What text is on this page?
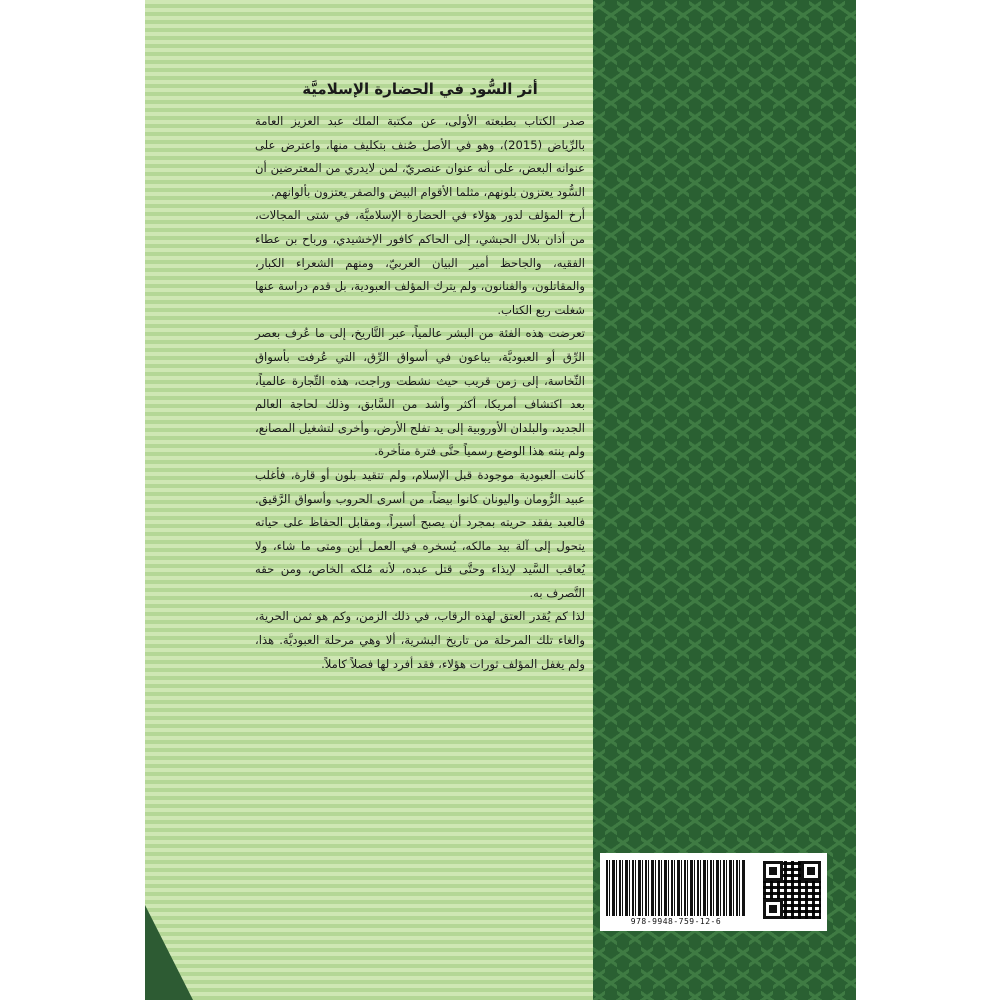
أثر السُّود في الحضارة الإسلاميَّة

صدر الكتاب بطبعته الأولى، عن مكتبة الملك عبد العزيز العامة بالرِّياض (2015)، وهو في الأصل صُنف بتكليف منها، واعترض على عنوانه البعض، على أنه عنوان عنصريّ، لمن لايدري من المعترضين أن السُّود يعتزون بلونهم، مثلما الأقوام البيض والصفر يعتزون بألوانهم.

أرخ المؤلف لدور هؤلاء في الحضارة الإسلاميَّة، في شتى المجالات، من أذان بلال الحبشي، إلى الحاكم كافور الإخشيدي، ورباح بن عطاء الفقيه، والجاحظ أمير البيان العربيّ، ومنهم الشعراء الكبار، والمقاتلون، والفنانون، ولم يترك المؤلف العبودية، بل قدم دراسة عنها شغلت ربع الكتاب.

تعرضت هذه الفئة من البشر عالمياً، عبر التَّاريخ، إلى ما عُرف بعصر الرِّق أو العبوديَّة، يباعون في أسواق الرِّق، التي عُرفت بأسواق النِّخاسة، إلى زمن قريب حيث نشطت وراجت، هذه التِّجارة عالمياً، بعد اكتشاف أمريكا، أكثر وأشد من السَّابق، وذلك لحاجة العالم الجديد، والبلدان الأوروبية إلى يد تفلح الأرض، وأخرى لتشغيل المصانع، ولم ينته هذا الوضع رسمياً حتَّى فترة متأخرة.

كانت العبودية موجودة قبل الإسلام، ولم تتقيد بلون أو قارة، فأغلب عبيد الرُّومان واليونان كانوا بيضاً، من أسرى الحروب وأسواق الرَّقيق. فالعبد يفقد حريته بمجرد أن يصبح أسيراً، ومقابل الحفاظ على حياته يتحول إلى آلة بيد مالكه، يُسخره في العمل أين ومتى ما شاء، ولا يُعاقب السَّيد لإيذاء وحتَّى قتل عبده، لأنه مُلكه الخاص، ومن حقه التَّصرف به.

لذا كم يُقدر العتق لهذه الرقاب، في ذلك الزمن، وكم هو ثمن الحرية، والغاء تلك المرحلة من تاريخ البشرية، ألا وهي مرحلة العبوديَّة. هذا، ولم يغفل المؤلف ثورات هؤلاء، فقد أفرد لها فصلاً كاملاً.

978-9948-759-12-6
